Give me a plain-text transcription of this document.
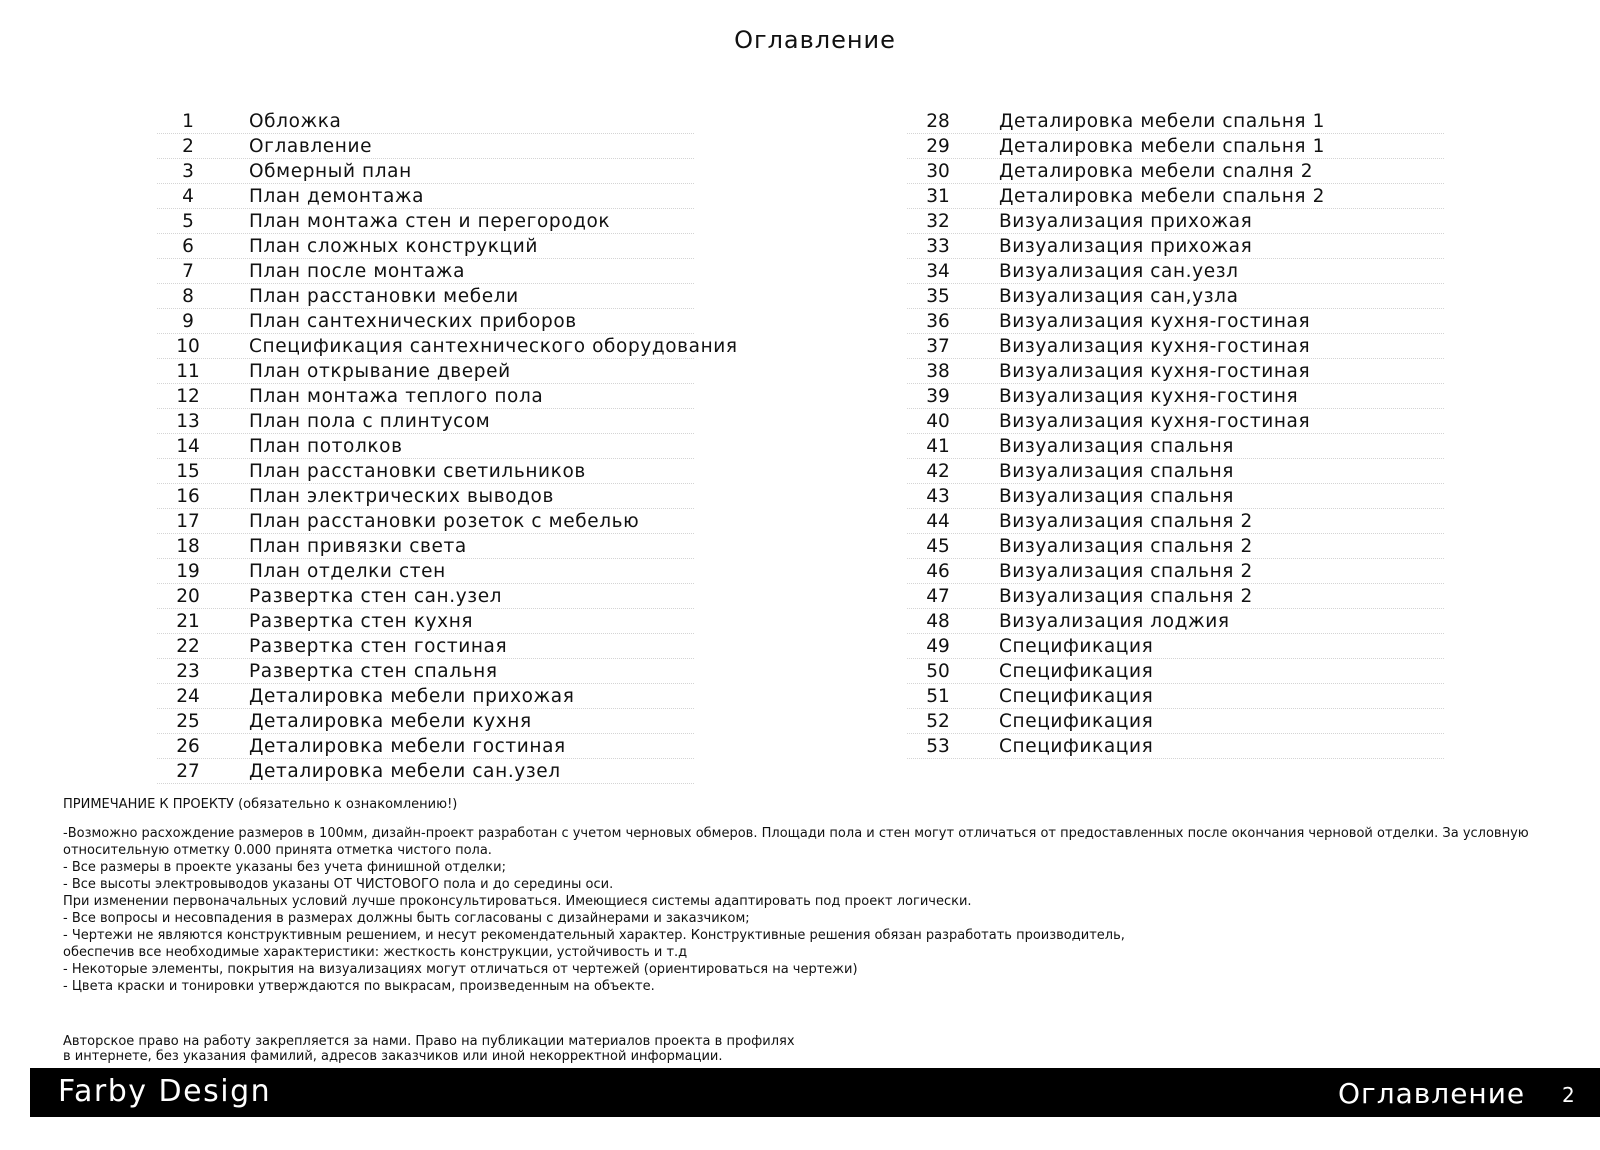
Оглавление
1	Обложка
2	Оглавление
3	Обмерный план
4	План демонтажа
5	План монтажа стен и перегородок
6	План сложных конструкций
7	План после монтажа
8	План расстановки мебели
9	План сантехнических приборов
10	Спецификация сантехнического оборудования
11	План открывание дверей
12	План монтажа теплого пола
13	План пола с плинтусом
14	План потолков
15	План расстановки светильников
16	План электрических выводов
17	План расстановки розеток с мебелью
18	План привязки света
19	План отделки стен
20	Развертка стен сан.узел
21	Развертка стен кухня
22	Развертка стен гостиная
23	Развертка стен спальня
24	Деталировка мебели прихожая
25	Деталировка мебели кухня
26	Деталировка мебели гостиная
27	Деталировка мебели сан.узел
28	Деталировка мебели спальня 1
29	Деталировка мебели спальня 1
30	Деталировка мебели сnалня 2
31	Деталировка мебели спальня 2
32	Визуализация прихожая
33	Визуализация прихожая
34	Визуализация сан.уезл
35	Визуализация сан,узла
36	Визуализация кухня-гостиная
37	Визуализация кухня-гостиная
38	Визуализация кухня-гостиная
39	Визуализация кухня-гостиня
40	Визуализация кухня-гостиная
41	Визуализация спальня
42	Визуализация спальня
43	Визуализация спальня
44	Визуализация спальня 2
45	Визуализация спальня 2
46	Визуализация спальня 2
47	Визуализация спальня 2
48	Визуализация лоджия
49	Спецификация
50	Спецификация
51	Спецификация
52	Спецификация
53	Спецификация
ПРИМЕЧАНИЕ К ПРОЕКТУ (обязательно к ознакомлению!)
-Возможно расхождение размеров в 100мм, дизайн-проект разработан с учетом черновых обмеров. Площади пола и стен могут отличаться от предоставленных после окончания черновой отделки. За условную
относительную отметку 0.000 принята отметка чистого пола.
- Все размеры в проекте указаны без учета финишной отделки;
- Все высоты электровыводов указаны ОТ ЧИСТОВОГО пола и до середины оси.
При изменении первоначальных условий лучше проконсультироваться. Имеющиеся системы адаптировать под проект логически.
- Все вопросы и несовпадения в размерах должны быть согласованы с дизайнерами и заказчиком;
- Чертежи не являются конструктивным решением, и несут рекомендательный характер. Конструктивные решения обязан разработать производитель,
обеспечив все необходимые характеристики: жесткость конструкции, устойчивость и т.д
- Некоторые элементы, покрытия на визуализациях могут отличаться от чертежей (ориентироваться на чертежи)
- Цвета краски и тонировки утверждаются по выкрасам, произведенным на объекте.
Авторское право на работу закрепляется за нами. Право на публикации материалов проекта в профилях
в интернете, без указания фамилий, адресов заказчиков или иной некорректной информации.
Farby Design	Оглавление 2
